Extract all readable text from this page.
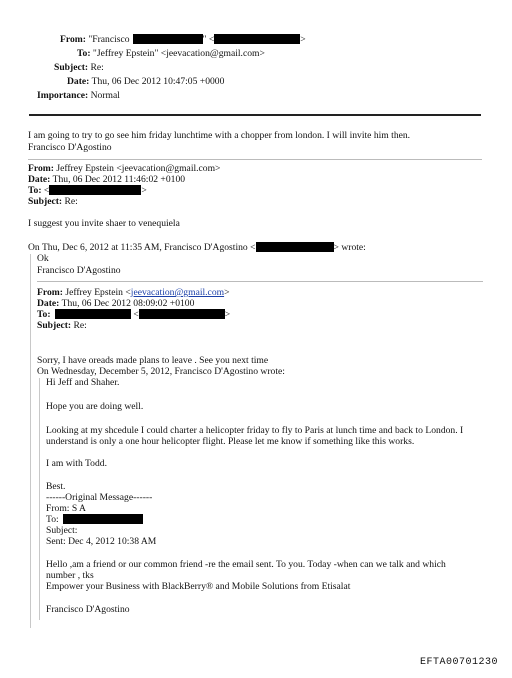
From: "Francisco	" <	>
To: "Jeffrey Epstein" <jeevacation@gmail.com>
Subject: Re:
Date: Thu, 06 Dec 2012 10:47:05 +0000
Importance: Normal
I am going to try to go see him friday lunchtime with a chopper from london. I will invite him then.
Francisco D'Agostino
From: Jeffrey Epstein <jeevacation@gmail.com>
Date: Thu, 06 Dec 2012 11:46:02 +0100
To: <	>
Subject: Re:
I suggest you invite shaer to venequiela
On Thu, Dec 6, 2012 at 11:35 AM, Francisco D'Agostino <	> wrote:
Ok
Francisco D'Agostino
From: Jeffrey Epstein <jeevacation@gmail.com>
Date: Thu, 06 Dec 2012 08:09:02 +0100
To:	<	>
Subject: Re:
Sorry, I have oreads made plans to leave . See you next time
On Wednesday, December 5, 2012, Francisco D'Agostino wrote:
Hi Jeff and Shaher.
Hope you are doing well.
Looking at my shcedule I could charter a helicopter friday to fly to Paris at lunch time and back to London. I
understand is only a one hour helicopter flight. Please let me know if something like this works.
I am with Todd.
Best.
------Original Message------
From: S A
To:
Subject:
Sent: Dec 4, 2012 10:38 AM
Hello ,am a friend or our common friend -re the email sent. To you. Today -when can we talk and which
number , tks
Empower your Business with BlackBerry® and Mobile Solutions from Etisalat
Francisco D'Agostino
EFTA00701230
